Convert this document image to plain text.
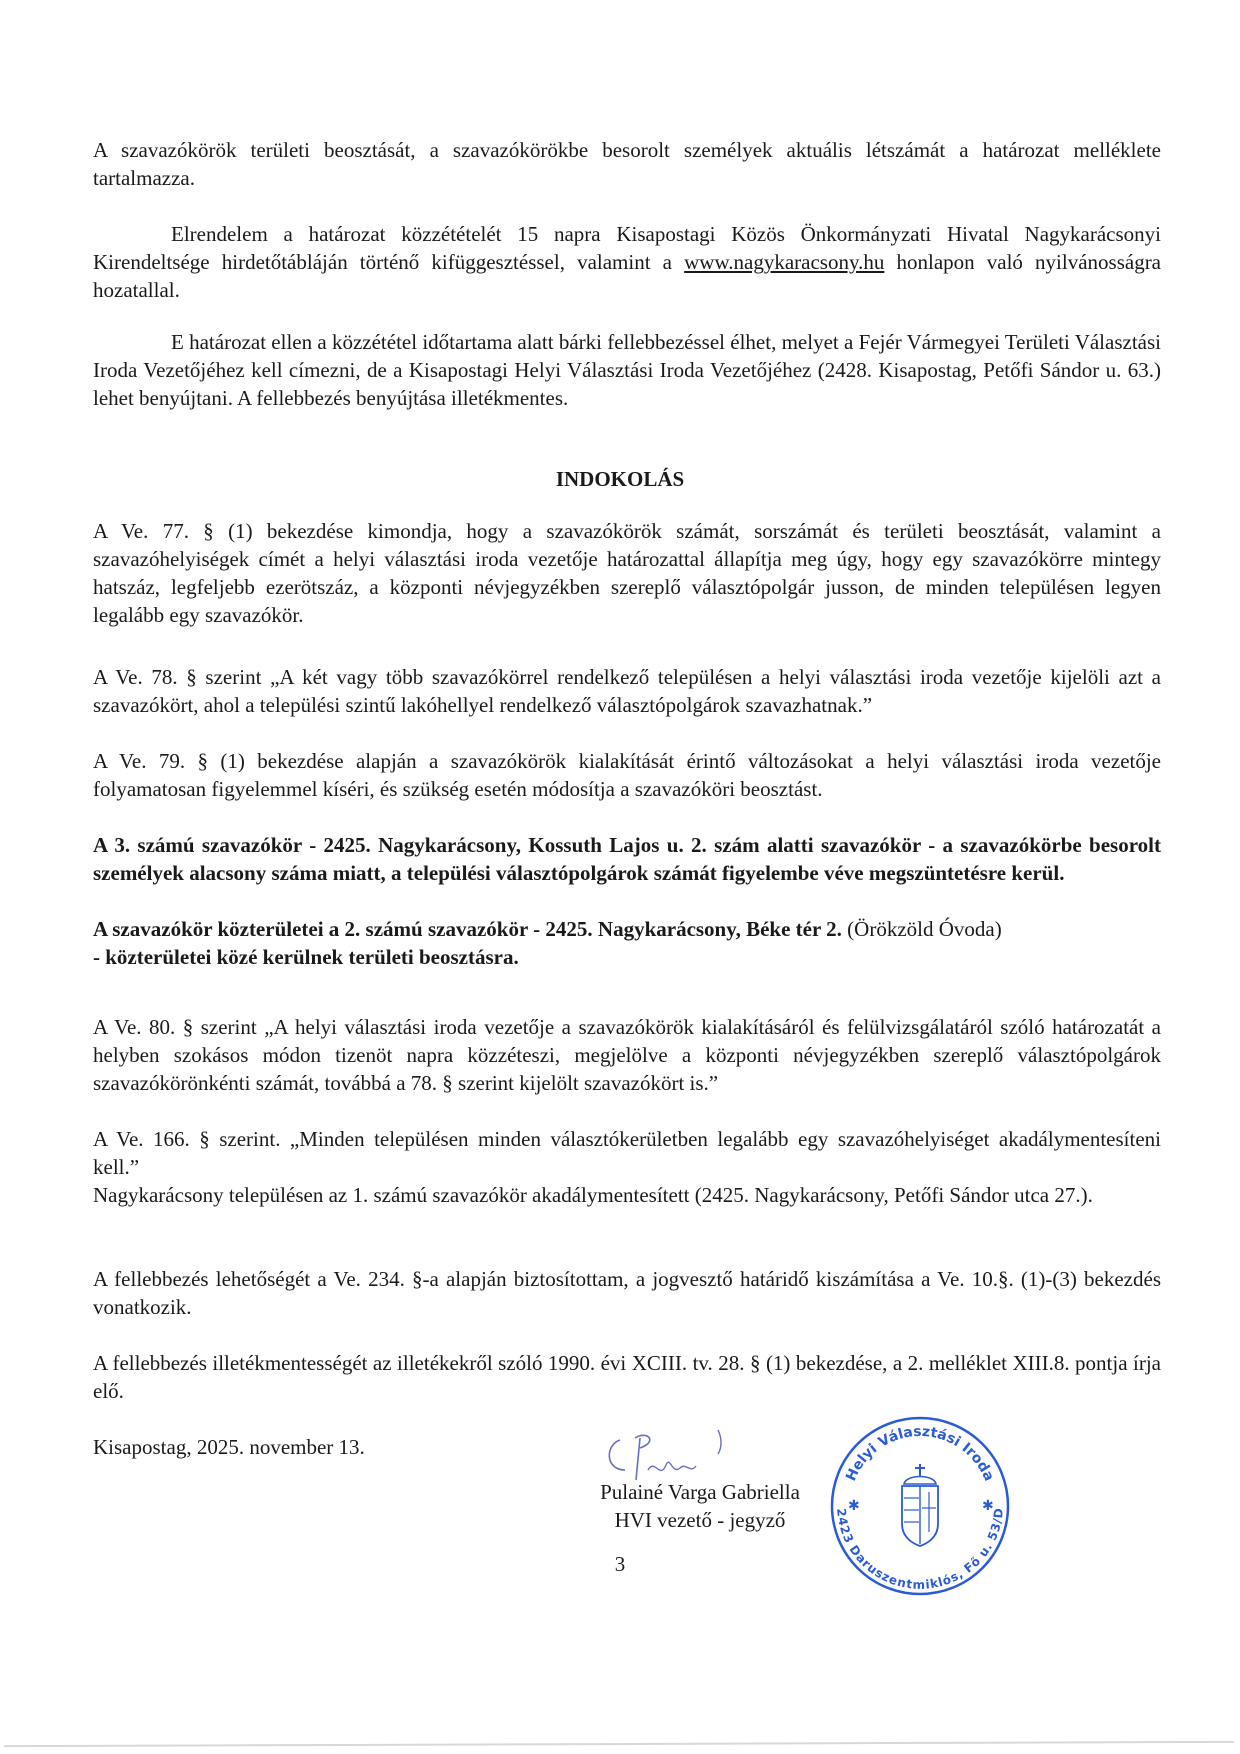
A szavazókörök területi beosztását, a szavazókörökbe besorolt személyek aktuális létszámát a határozat melléklete tartalmazza.

Elrendelem a határozat közzétételét 15 napra Kisapostagi Közös Önkormányzati Hivatal Nagykarácsonyi Kirendeltsége hirdetőtábláján történő kifüggesztéssel, valamint a www.nagykaracsony.hu honlapon való nyilvánosságra hozatallal.

E határozat ellen a közzététel időtartama alatt bárki fellebbezéssel élhet, melyet a Fejér Vármegyei Területi Választási Iroda Vezetőjéhez kell címezni, de a Kisapostagi Helyi Választási Iroda Vezetőjéhez (2428. Kisapostag, Petőfi Sándor u. 63.) lehet benyújtani. A fellebbezés benyújtása illetékmentes.

INDOKOLÁS

A Ve. 77. § (1) bekezdése kimondja, hogy a szavazókörök számát, sorszámát és területi beosztását, valamint a szavazóhelyiségek címét a helyi választási iroda vezetője határozattal állapítja meg úgy, hogy egy szavazókörre mintegy hatszáz, legfeljebb ezerötszáz, a központi névjegyzékben szereplő választópolgár jusson, de minden településen legyen legalább egy szavazókör.

A Ve. 78. § szerint „A két vagy több szavazókörrel rendelkező településen a helyi választási iroda vezetője kijelöli azt a szavazókört, ahol a települési szintű lakóhellyel rendelkező választópolgárok szavazhatnak.”

A Ve. 79. § (1) bekezdése alapján a szavazókörök kialakítását érintő változásokat a helyi választási iroda vezetője folyamatosan figyelemmel kíséri, és szükség esetén módosítja a szavazóköri beosztást.

A 3. számú szavazókör - 2425. Nagykarácsony, Kossuth Lajos u. 2. szám alatti szavazókör - a szavazókörbe besorolt személyek alacsony száma miatt, a települési választópolgárok számát figyelembe véve megszüntetésre kerül.

A szavazókör közterületei a 2. számú szavazókör - 2425. Nagykarácsony, Béke tér 2. (Örökzöld Óvoda)
- közterületei közé kerülnek területi beosztásra.

A Ve. 80. § szerint „A helyi választási iroda vezetője a szavazókörök kialakításáról és felülvizsgálatáról szóló határozatát a helyben szokásos módon tizenöt napra közzéteszi, megjelölve a központi névjegyzékben szereplő választópolgárok szavazókörönkénti számát, továbbá a 78. § szerint kijelölt szavazókört is.”

A Ve. 166. § szerint. „Minden településen minden választókerületben legalább egy szavazóhelyiséget akadálymentesíteni kell.”

Nagykarácsony településen az 1. számú szavazókör akadálymentesített (2425. Nagykarácsony, Petőfi Sándor utca 27.).

A fellebbezés lehetőségét a Ve. 234. §-a alapján biztosítottam, a jogvesztő határidő kiszámítása a Ve. 10.§. (1)-(3) bekezdés vonatkozik.

A fellebbezés illetékmentességét az illetékekről szóló 1990. évi XCIII. tv. 28. § (1) bekezdése, a 2. melléklet XIII.8. pontja írja elő.

Kisapostag, 2025. november 13.

Pulainé Varga Gabriella
HVI vezető - jegyző
3
Helyi Választási Iroda
2423 Daruszentmiklós, Fő u. 53/D
✱	✱
